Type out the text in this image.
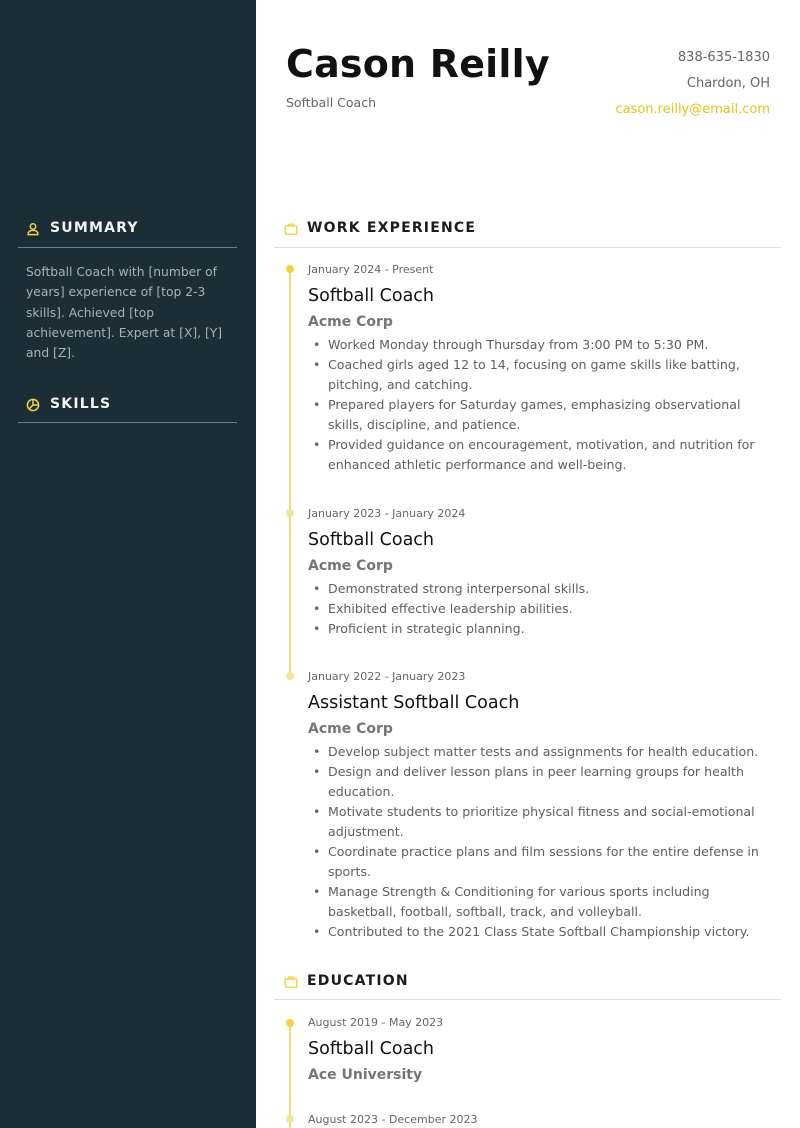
SUMMARY
Softball Coach with [number of years] experience of [top 2-3 skills]. Achieved [top achievement]. Expert at [X], [Y] and [Z].
SKILLS
Cason Reilly
Softball Coach
838-635-1830
Chardon, OH
cason.reilly@email.com
WORK EXPERIENCE
January 2024 - Present
Softball Coach
Acme Corp
• Worked Monday through Thursday from 3:00 PM to 5:30 PM.
• Coached girls aged 12 to 14, focusing on game skills like batting, pitching, and catching.
• Prepared players for Saturday games, emphasizing observational skills, discipline, and patience.
• Provided guidance on encouragement, motivation, and nutrition for enhanced athletic performance and well-being.
January 2023 - January 2024
Softball Coach
Acme Corp
• Demonstrated strong interpersonal skills.
• Exhibited effective leadership abilities.
• Proficient in strategic planning.
January 2022 - January 2023
Assistant Softball Coach
Acme Corp
• Develop subject matter tests and assignments for health education.
• Design and deliver lesson plans in peer learning groups for health education.
• Motivate students to prioritize physical fitness and social-emotional adjustment.
• Coordinate practice plans and film sessions for the entire defense in sports.
• Manage Strength & Conditioning for various sports including basketball, football, softball, track, and volleyball.
• Contributed to the 2021 Class State Softball Championship victory.
EDUCATION
August 2019 - May 2023
Softball Coach
Ace University
August 2023 - December 2023
